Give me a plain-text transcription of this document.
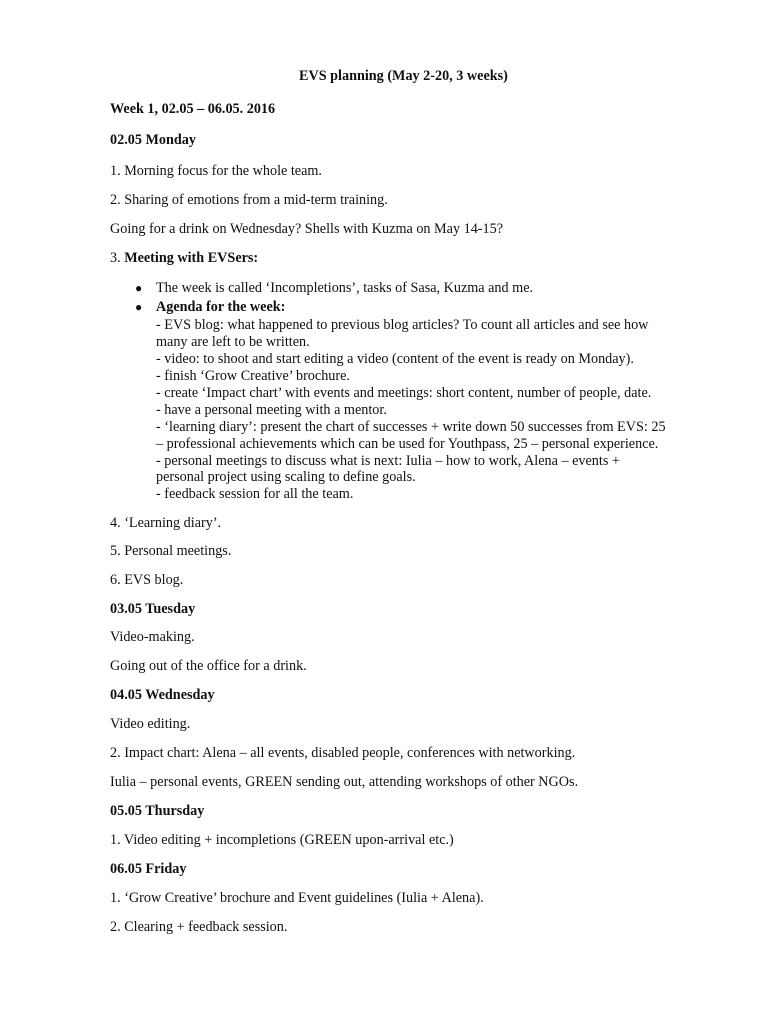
EVS planning (May 2-20, 3 weeks)
Week 1, 02.05 – 06.05. 2016
02.05 Monday
1. Morning focus for the whole team.
2. Sharing of emotions from a mid-term training.
Going for a drink on Wednesday? Shells with Kuzma on May 14-15?
3. Meeting with EVSers:
● The week is called ‘Incompletions’, tasks of Sasa, Kuzma and me.
● Agenda for the week:
- EVS blog: what happened to previous blog articles? To count all articles and see how
many are left to be written.
- video: to shoot and start editing a video (content of the event is ready on Monday).
- finish ‘Grow Creative’ brochure.
- create ‘Impact chart’ with events and meetings: short content, number of people, date.
- have a personal meeting with a mentor.
- ‘learning diary’: present the chart of successes + write down 50 successes from EVS: 25
– professional achievements which can be used for Youthpass, 25 – personal experience.
- personal meetings to discuss what is next: Iulia – how to work, Alena – events +
personal project using scaling to define goals.
- feedback session for all the team.
4. ‘Learning diary’.
5. Personal meetings.
6. EVS blog.
03.05 Tuesday
Video-making.
Going out of the office for a drink.
04.05 Wednesday
Video editing.
2. Impact chart: Alena – all events, disabled people, conferences with networking.
Iulia – personal events, GREEN sending out, attending workshops of other NGOs.
05.05 Thursday
1. Video editing + incompletions (GREEN upon-arrival etc.)
06.05 Friday
1. ‘Grow Creative’ brochure and Event guidelines (Iulia + Alena).
2. Clearing + feedback session.
